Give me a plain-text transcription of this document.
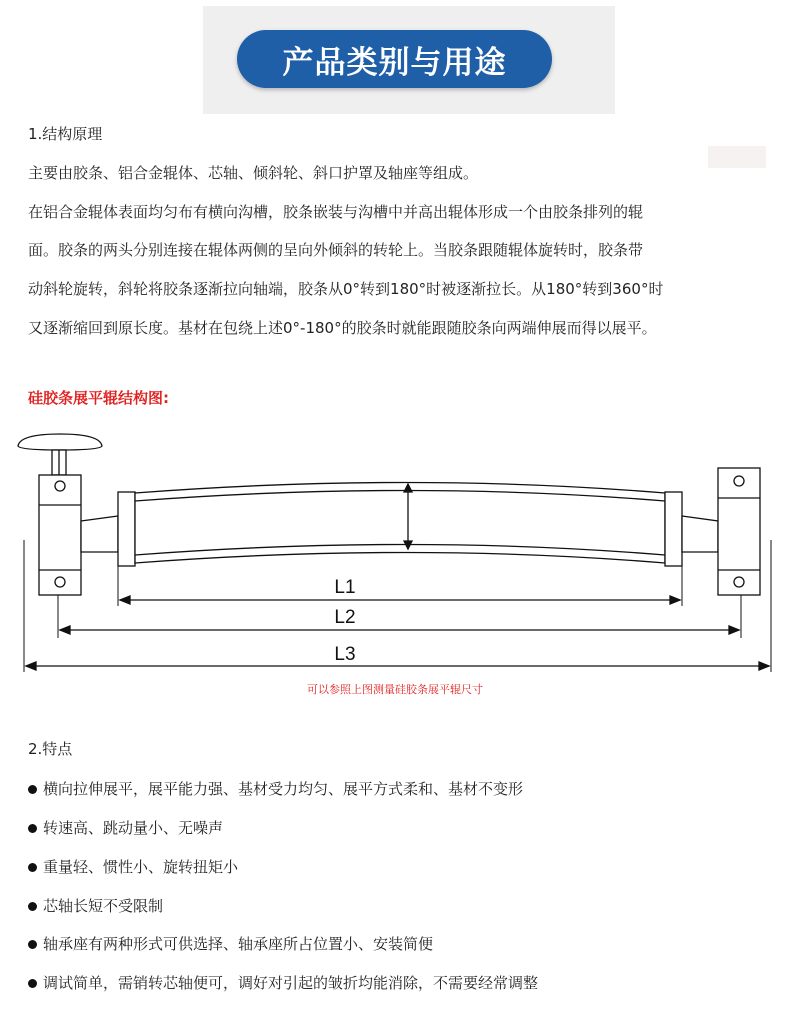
产品类别与用途
1.结构原理
主要由胶条、铝合金辊体、芯轴、倾斜轮、斜口护罩及轴座等组成。
在铝合金辊体表面均匀布有横向沟槽，胶条嵌装与沟槽中并高出辊体形成一个由胶条排列的辊
面。胶条的两头分别连接在辊体两侧的呈向外倾斜的转轮上。当胶条跟随辊体旋转时，胶条带
动斜轮旋转，斜轮将胶条逐渐拉向轴端，胶条从0°转到180°时被逐渐拉长。从180°转到360°时
又逐渐缩回到原长度。基材在包绕上述0°-180°的胶条时就能跟随胶条向两端伸展而得以展平。
硅胶条展平辊结构图:
L1
L2
L3
可以参照上图测量硅胶条展平辊尺寸
2.特点
横向拉伸展平，展平能力强、基材受力均匀、展平方式柔和、基材不变形
转速高、跳动量小、无噪声
重量轻、惯性小、旋转扭矩小
芯轴长短不受限制
轴承座有两种形式可供选择、轴承座所占位置小、安装简便
调试简单，需销转芯轴便可，调好对引起的皱折均能消除，不需要经常调整
